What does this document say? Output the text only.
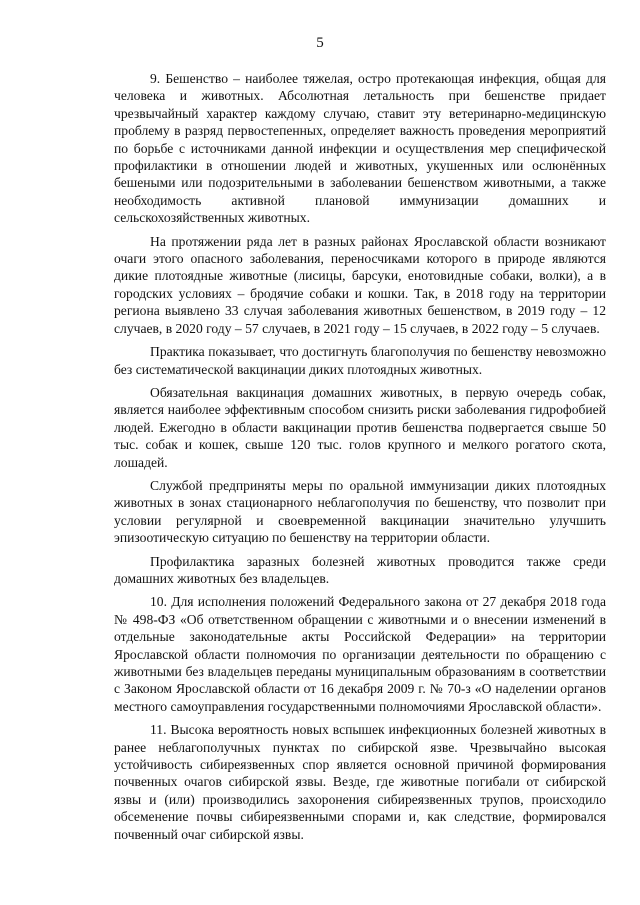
5

9. Бешенство – наиболее тяжелая, остро протекающая инфекция, общая для человека и животных. Абсолютная летальность при бешенстве придает чрезвычайный характер каждому случаю, ставит эту ветеринарно-медицинскую проблему в разряд первостепенных, определяет важность проведения мероприятий по борьбе с источниками данной инфекции и осуществления мер специфической профилактики в отношении людей и животных, укушенных или ослюнённых бешеными или подозрительными в заболевании бешенством животными, а также необходимость активной плановой иммунизации домашних и сельскохозяйственных животных.

На протяжении ряда лет в разных районах Ярославской области возникают очаги этого опасного заболевания, переносчиками которого в природе являются дикие плотоядные животные (лисицы, барсуки, енотовидные собаки, волки), а в городских условиях – бродячие собаки и кошки. Так, в 2018 году на территории региона выявлено 33 случая заболевания животных бешенством, в 2019 году – 12 случаев, в 2020 году – 57 случаев, в 2021 году – 15 случаев, в 2022 году – 5 случаев.

Практика показывает, что достигнуть благополучия по бешенству невозможно без систематической вакцинации диких плотоядных животных.

Обязательная вакцинация домашних животных, в первую очередь собак, является наиболее эффективным способом снизить риски заболевания гидрофобией людей. Ежегодно в области вакцинации против бешенства подвергается свыше 50 тыс. собак и кошек, свыше 120 тыс. голов крупного и мелкого рогатого скота, лошадей.

Службой предприняты меры по оральной иммунизации диких плотоядных животных в зонах стационарного неблагополучия по бешенству, что позволит при условии регулярной и своевременной вакцинации значительно улучшить эпизоотическую ситуацию по бешенству на территории области.

Профилактика заразных болезней животных проводится также среди домашних животных без владельцев.

10. Для исполнения положений Федерального закона от 27 декабря 2018 года № 498-ФЗ «Об ответственном обращении с животными и о внесении изменений в отдельные законодательные акты Российской Федерации» на территории Ярославской области полномочия по организации деятельности по обращению с животными без владельцев переданы муниципальным образованиям в соответствии с Законом Ярославской области от 16 декабря 2009 г. № 70-з «О наделении органов местного самоуправления государственными полномочиями Ярославской области».

11. Высока вероятность новых вспышек инфекционных болезней животных в ранее неблагополучных пунктах по сибирской язве. Чрезвычайно высокая устойчивость сибиреязвенных спор является основной причиной формирования почвенных очагов сибирской язвы. Везде, где животные погибали от сибирской язвы и (или) производились захоронения сибиреязвенных трупов, происходило обсеменение почвы сибиреязвенными спорами и, как следствие, формировался почвенный очаг сибирской язвы.
